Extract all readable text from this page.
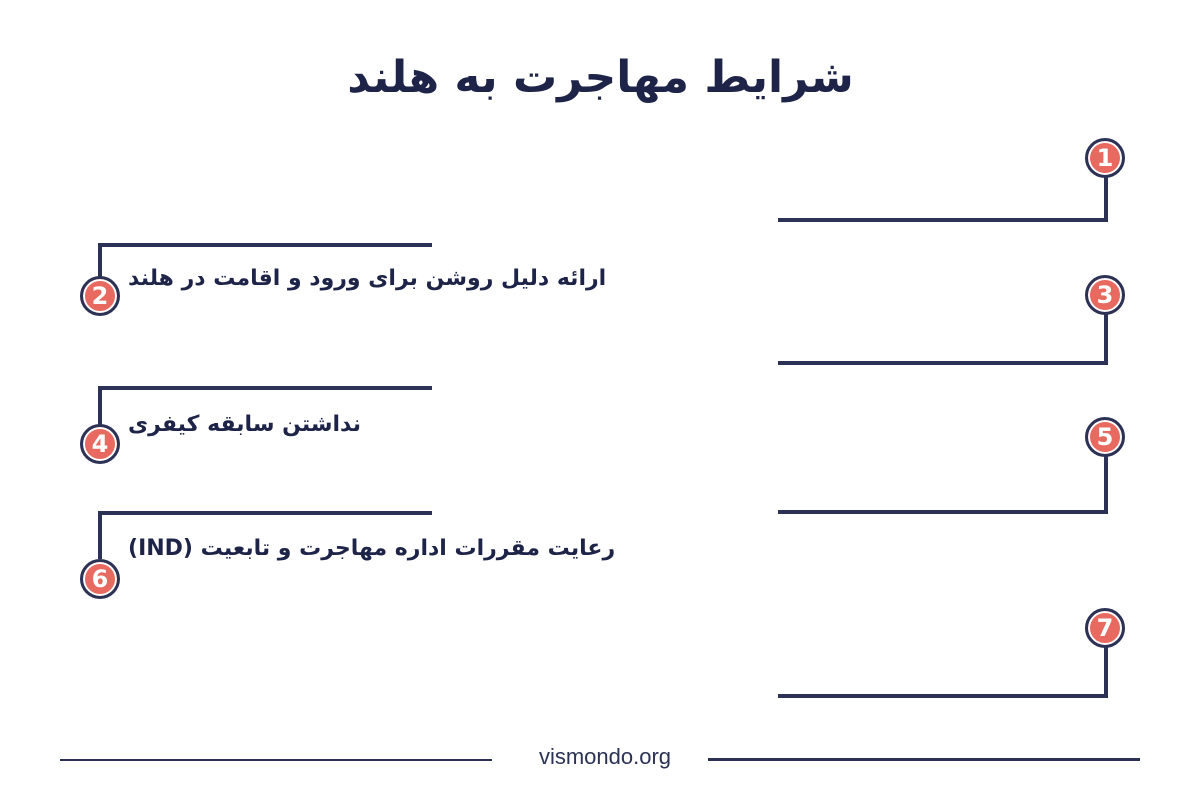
شرایط مهاجرت به هلند
1
2
ارائه دلیل روشن برای ورود و اقامت در هلند
3
4
نداشتن سابقه کیفری	5
6
رعایت مقررات اداره مهاجرت و تابعیت (IND)
7
vismondo.org
